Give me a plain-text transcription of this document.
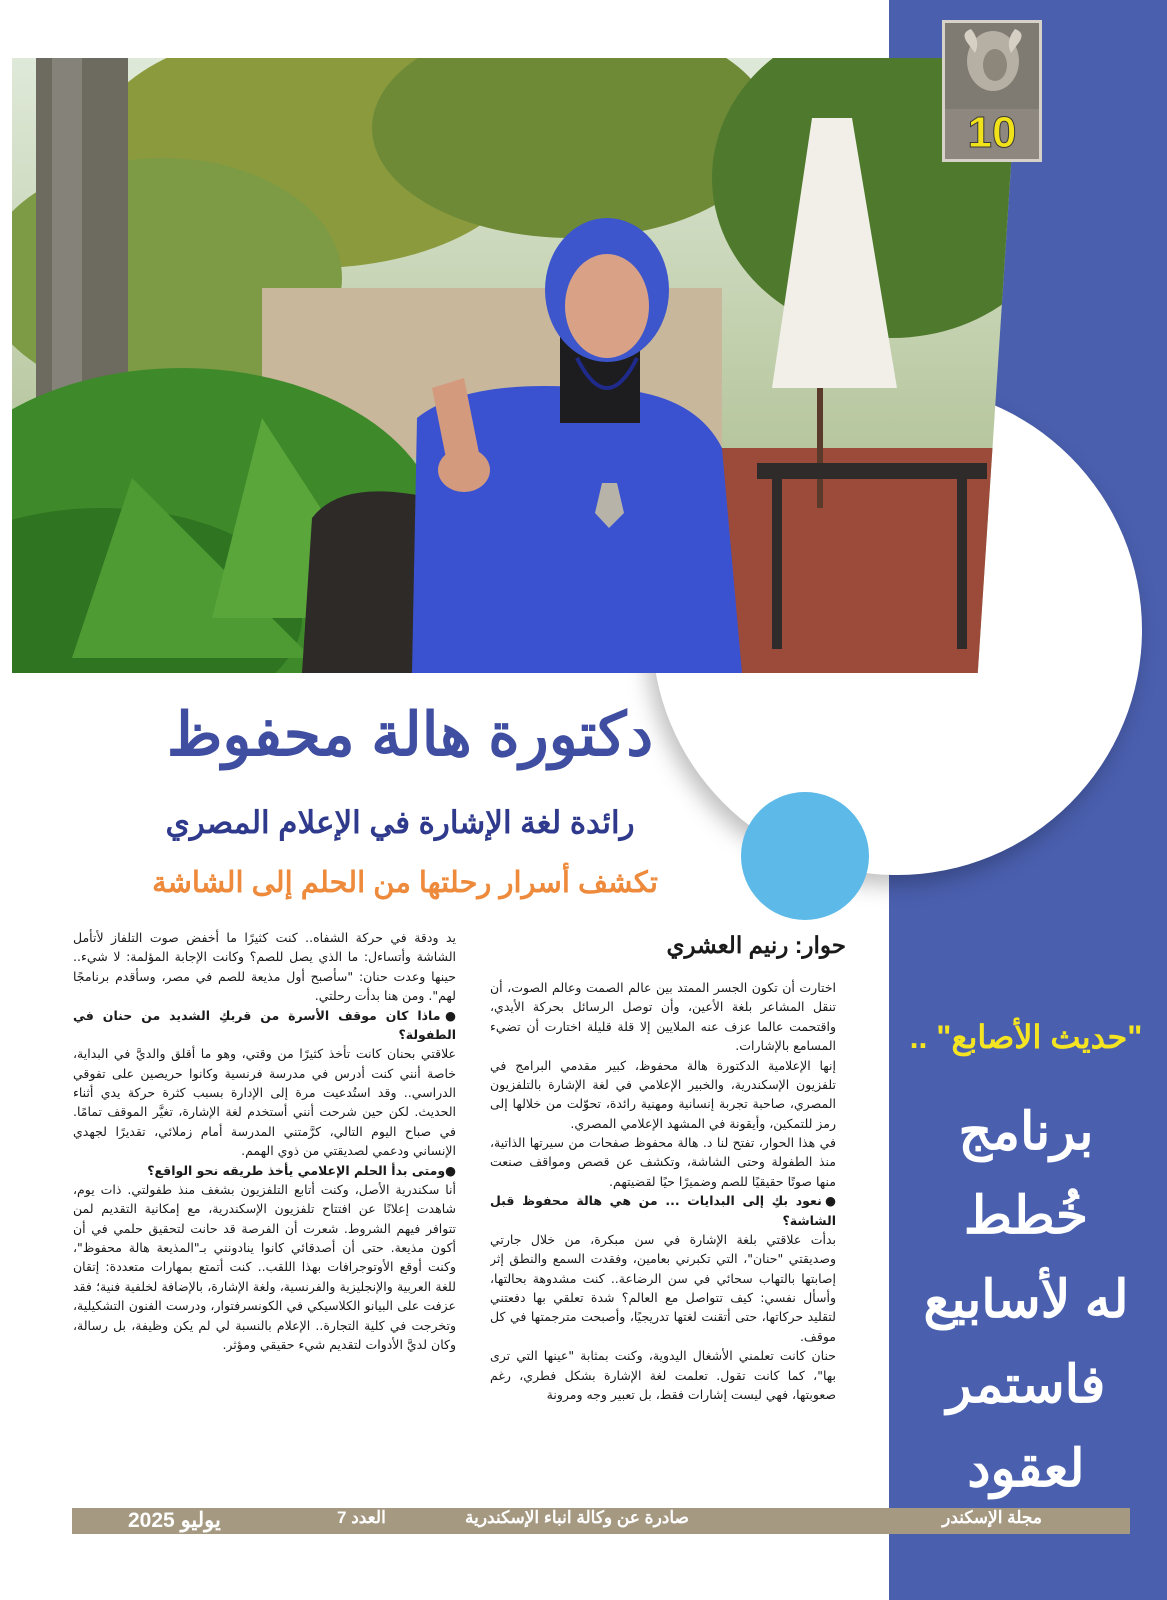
10
"حديث الأصابع" ..
برنامج خُطط
له لأسابيع
فاستمر لعقود
دكتورة هالة محفوظ
رائدة لغة الإشارة في الإعلام المصري
تكشف أسرار رحلتها من الحلم إلى الشاشة
حوار: رنيم العشري

اختارت أن تكون الجسر الممتد بين عالم الصمت وعالم الصوت، أن تنقل المشاعر بلغة الأعين، وأن توصل الرسائل بحركة الأيدي، واقتحمت عالما عزف عنه الملايين إلا قلة قليلة اختارت أن تضيء المسامع بالإشارات.

إنها الإعلامية الدكتورة هالة محفوظ، كبير مقدمي البرامج في تلفزيون الإسكندرية، والخبير الإعلامي في لغة الإشارة بالتلفزيون المصري، صاحبة تجربة إنسانية ومهنية رائدة، تحوّلت من خلالها إلى رمز للتمكين، وأيقونة في المشهد الإعلامي المصري.

في هذا الحوار، تفتح لنا د. هالة محفوظ صفحات من سيرتها الذاتية، منذ الطفولة وحتى الشاشة، وتكشف عن قصص ومواقف صنعت منها صوتًا حقيقيًا للصم وضميرًا حيًا لقضيتهم.

●نعود بكِ إلى البدايات ... من هي هالة محفوظ قبل الشاشة؟

بدأت علاقتي بلغة الإشارة في سن مبكرة، من خلال جارتي وصديقتي "حنان"، التي تكبرني بعامين، وفقدت السمع والنطق إثر إصابتها بالتهاب سحائي في سن الرضاعة.. كنت مشدوهة بحالتها، وأسأل نفسي: كيف تتواصل مع العالم؟ شدة تعلقي بها دفعتني لتقليد حركاتها، حتى أتقنت لغتها تدريجيًا، وأصبحت مترجمتها في كل موقف.

حنان كانت تعلمني الأشغال اليدوية، وكنت بمثابة "عينها التي ترى بها"، كما كانت تقول. تعلمت لغة الإشارة بشكل فطري، رغم صعوبتها، فهي ليست إشارات فقط، بل تعبير وجه ومرونة

يد ودقة في حركة الشفاه.. كنت كثيرًا ما أخفض صوت التلفاز لأتأمل الشاشة وأتساءل: ما الذي يصل للصم؟ وكانت الإجابة المؤلمة: لا شيء.. حينها وعدت حنان: "سأصبح أول مذيعة للصم في مصر، وسأقدم برنامجًا لهم". ومن هنا بدأت رحلتي.

●ماذا كان موقف الأسرة من قربكِ الشديد من حنان في الطفولة؟

علاقتي بحنان كانت تأخذ كثيرًا من وقتي، وهو ما أقلق والديَّ في البداية، خاصة أنني كنت أدرس في مدرسة فرنسية وكانوا حريصين على تفوقي الدراسي.. وقد استُدعيت مرة إلى الإدارة بسبب كثرة حركة يدي أثناء الحديث. لكن حين شرحت أنني أستخدم لغة الإشارة، تغيَّر الموقف تمامًا. في صباح اليوم التالي، كرَّمتني المدرسة أمام زملائي، تقديرًا لجهدي الإنساني ودعمي لصديقتي من ذوي الهمم.

●ومتى بدأ الحلم الإعلامي يأخذ طريقه نحو الواقع؟

أنا سكندرية الأصل، وكنت أتابع التلفزيون بشغف منذ طفولتي. ذات يوم، شاهدت إعلانًا عن افتتاح تلفزيون الإسكندرية، مع إمكانية التقديم لمن تتوافر فيهم الشروط. شعرت أن الفرصة قد حانت لتحقيق حلمي في أن أكون مذيعة. حتى أن أصدقائي كانوا ينادونني بـ"المذيعة هالة محفوظ"، وكنت أوقع الأوتوجرافات بهذا اللقب.. كنت أتمتع بمهارات متعددة: إتقان للغة العربية والإنجليزية والفرنسية، ولغة الإشارة، بالإضافة لخلفية فنية؛ فقد عزفت على البيانو الكلاسيكي في الكونسرفتوار، ودرست الفنون التشكيلية، وتخرجت في كلية التجارة.. الإعلام بالنسبة لي لم يكن وظيفة، بل رسالة، وكان لديَّ الأدوات لتقديم شيء حقيقي ومؤثر.

مجلة الإسكندر
صادرة عن وكالة انباء الإسكندرية
العدد 7
2025 يوليو
